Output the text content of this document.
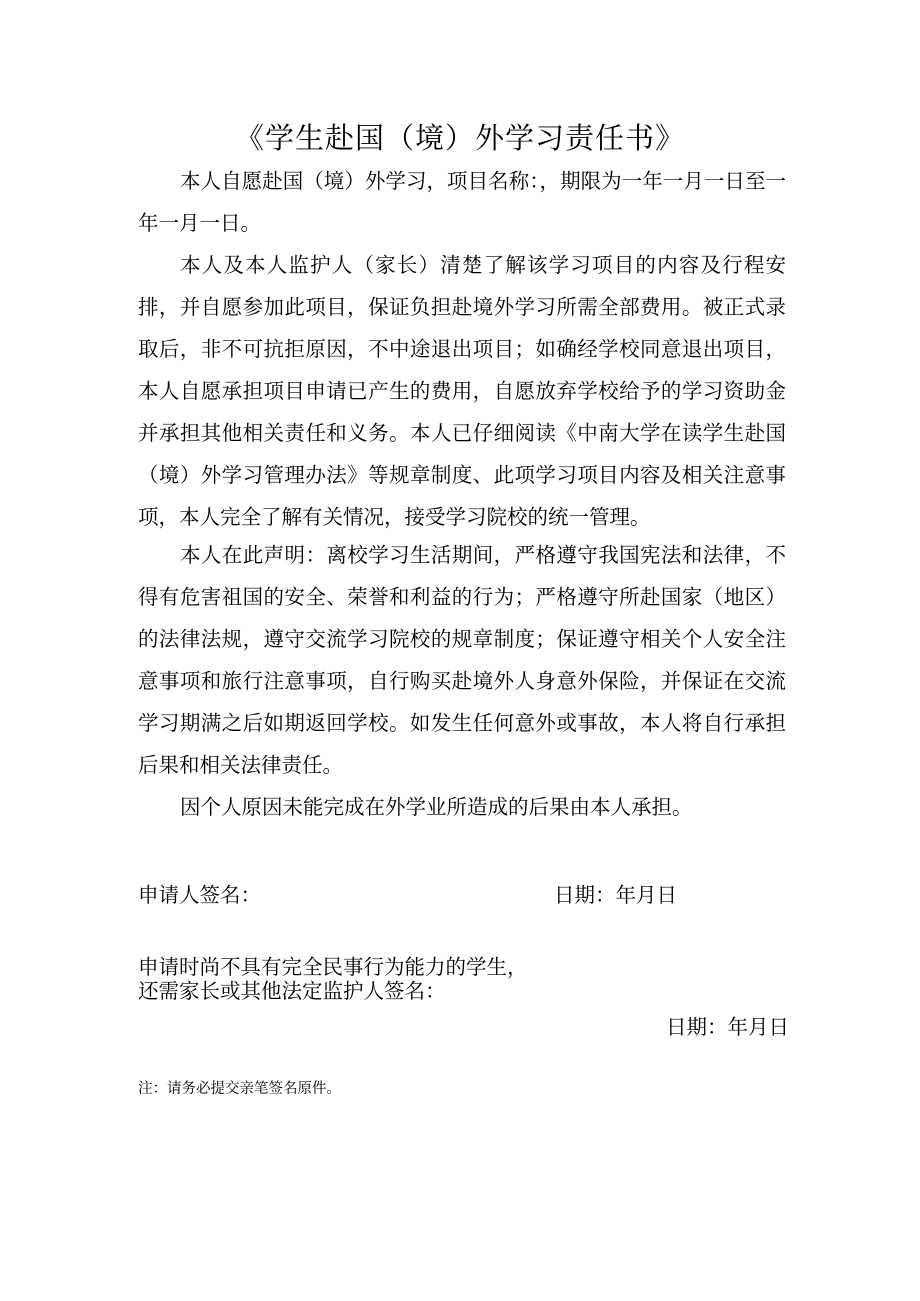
《学生赴国（境）外学习责任书》
本人自愿赴国（境）外学习，项目名称：，期限为一年一月一日至一年一月一日。
本人及本人监护人（家长）清楚了解该学习项目的内容及行程安排，并自愿参加此项目，保证负担赴境外学习所需全部费用。被正式录取后，非不可抗拒原因，不中途退出项目；如确经学校同意退出项目，本人自愿承担项目申请已产生的费用，自愿放弃学校给予的学习资助金并承担其他相关责任和义务。本人已仔细阅读《中南大学在读学生赴国（境）外学习管理办法》等规章制度、此项学习项目内容及相关注意事项，本人完全了解有关情况，接受学习院校的统一管理。
本人在此声明：离校学习生活期间，严格遵守我国宪法和法律，不得有危害祖国的安全、荣誉和利益的行为；严格遵守所赴国家（地区）的法律法规，遵守交流学习院校的规章制度；保证遵守相关个人安全注意事项和旅行注意事项，自行购买赴境外人身意外保险，并保证在交流学习期满之后如期返回学校。如发生任何意外或事故，本人将自行承担后果和相关法律责任。
因个人原因未能完成在外学业所造成的后果由本人承担。
申请人签名：	日期：年月日
申请时尚不具有完全民事行为能力的学生，
还需家长或其他法定监护人签名：
日期：年月日
注：请务必提交亲笔签名原件。
